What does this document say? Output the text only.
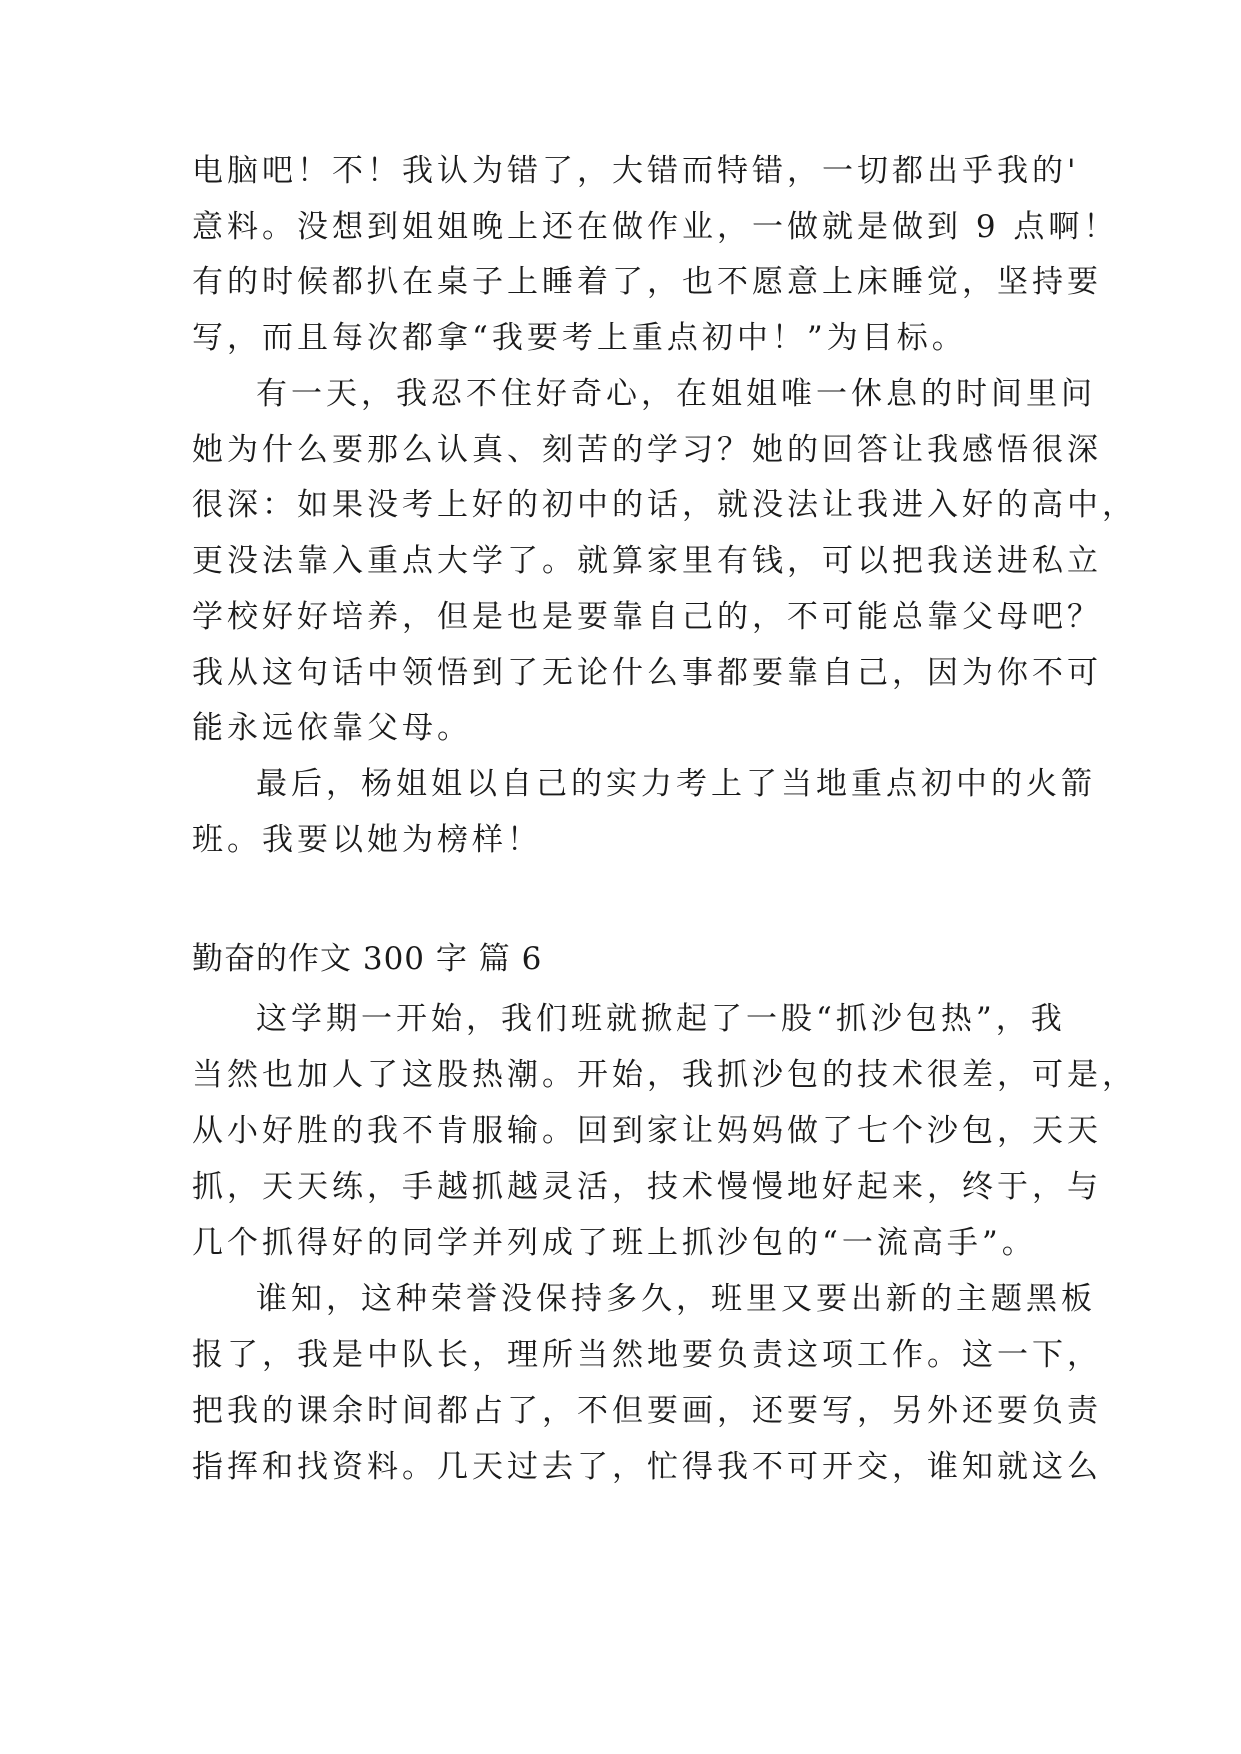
电脑吧！不！我认为错了，大错而特错，一切都出乎我的'
意料。没想到姐姐晚上还在做作业，一做就是做到 9 点啊！
有的时候都扒在桌子上睡着了，也不愿意上床睡觉，坚持要
写，而且每次都拿“我要考上重点初中！”为目标。
有一天，我忍不住好奇心，在姐姐唯一休息的时间里问
她为什么要那么认真、刻苦的学习？她的回答让我感悟很深
很深：如果没考上好的初中的话，就没法让我进入好的高中，
更没法靠入重点大学了。就算家里有钱，可以把我送进私立
学校好好培养，但是也是要靠自己的，不可能总靠父母吧？
我从这句话中领悟到了无论什么事都要靠自己，因为你不可
能永远依靠父母。
最后，杨姐姐以自己的实力考上了当地重点初中的火箭
班。我要以她为榜样！
勤奋的作文 300 字 篇 6
这学期一开始，我们班就掀起了一股“抓沙包热”，我
当然也加人了这股热潮。开始，我抓沙包的技术很差，可是，
从小好胜的我不肯服输。回到家让妈妈做了七个沙包，天天
抓，天天练，手越抓越灵活，技术慢慢地好起来，终于，与
几个抓得好的同学并列成了班上抓沙包的“一流高手”。
谁知，这种荣誉没保持多久，班里又要出新的主题黑板
报了，我是中队长，理所当然地要负责这项工作。这一下，
把我的课余时间都占了，不但要画，还要写，另外还要负责
指挥和找资料。几天过去了，忙得我不可开交，谁知就这么
